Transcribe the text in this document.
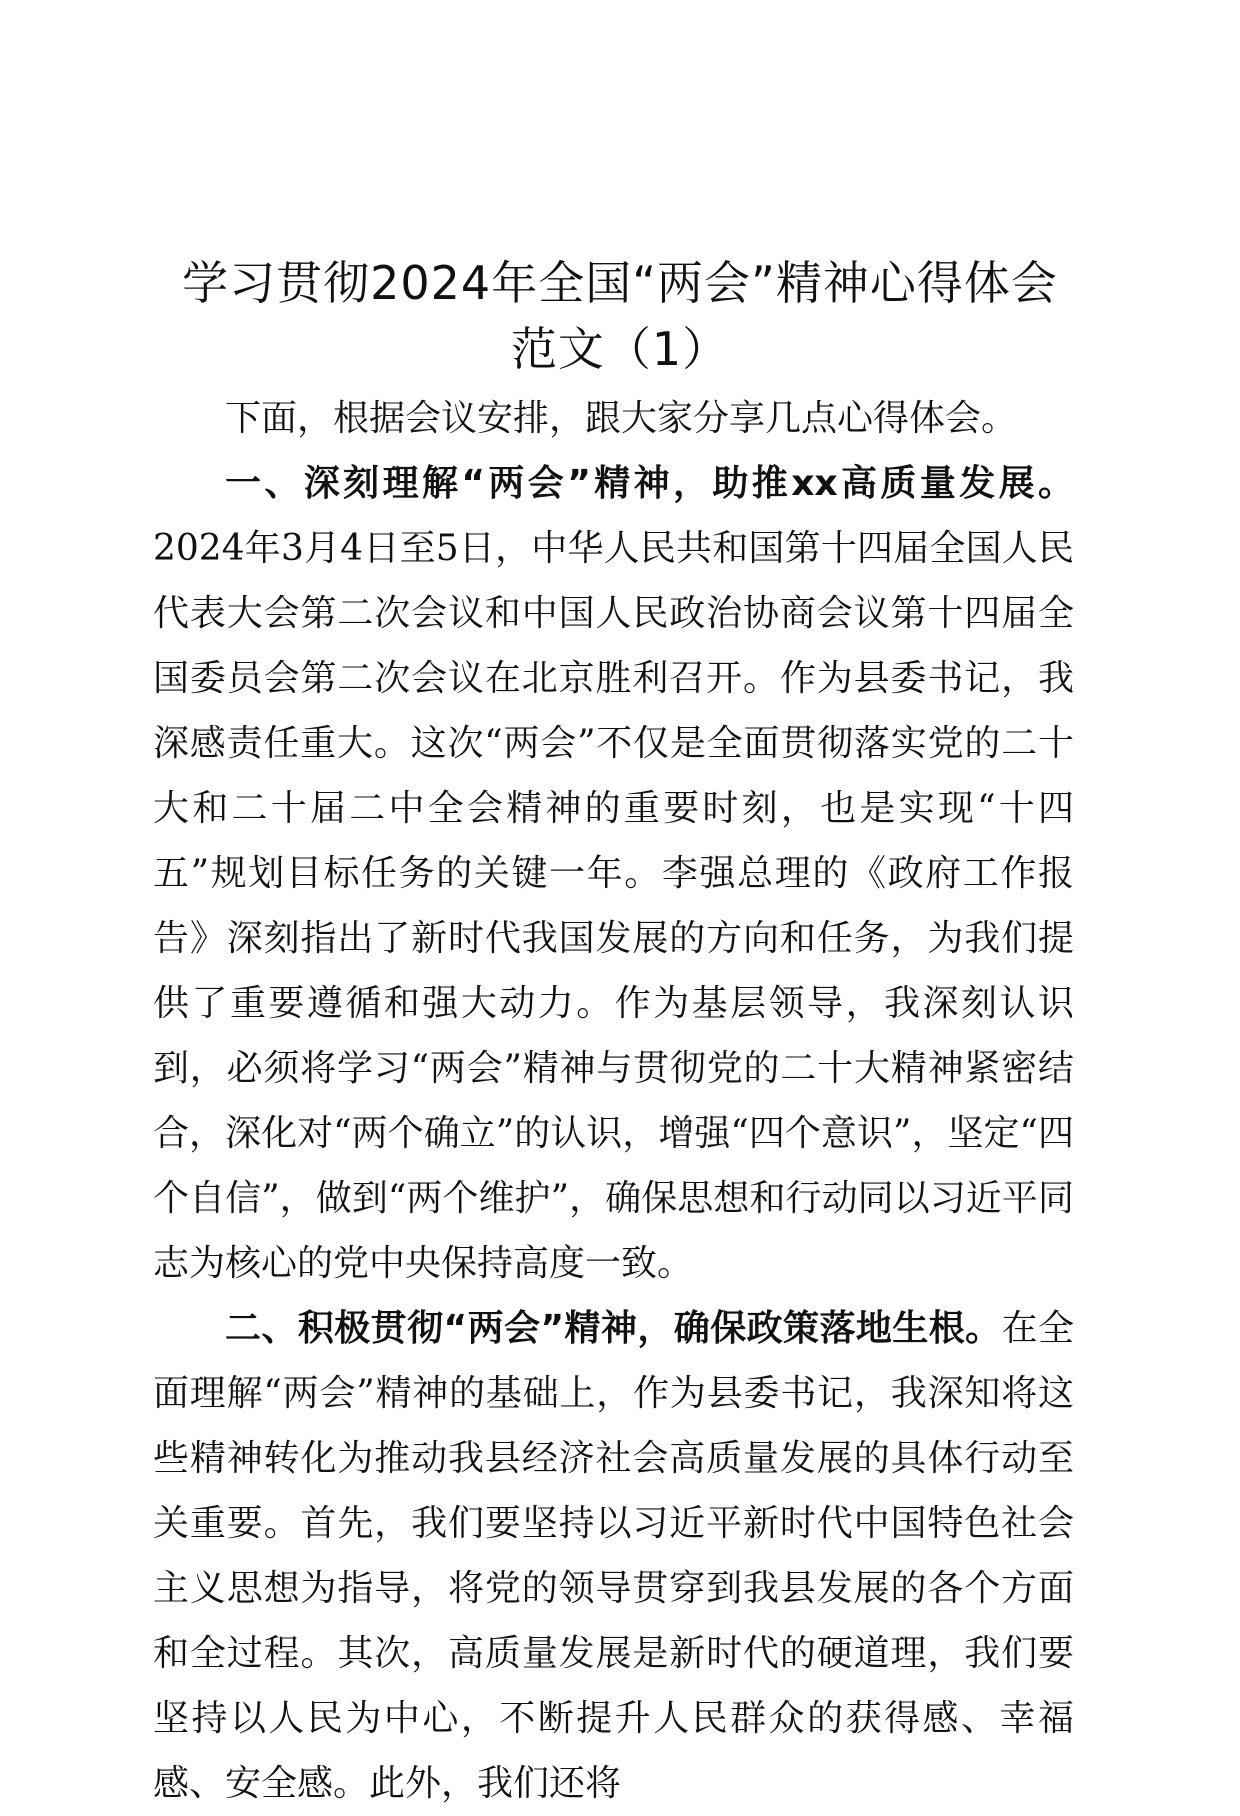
学习贯彻2024年全国“两会”精神心得体会
范文（1）

下面，根据会议安排，跟大家分享几点心得体会。

一、深刻理解“两会”精神，助推xx高质量发展。2024年3月4日至5日，中华人民共和国第十四届全国人民代表大会第二次会议和中国人民政治协商会议第十四届全国委员会第二次会议在北京胜利召开。作为县委书记，我深感责任重大。这次“两会”不仅是全面贯彻落实党的二十大和二十届二中全会精神的重要时刻，也是实现“十四五”规划目标任务的关键一年。李强总理的《政府工作报告》深刻指出了新时代我国发展的方向和任务，为我们提供了重要遵循和强大动力。作为基层领导，我深刻认识到，必须将学习“两会”精神与贯彻党的二十大精神紧密结合，深化对“两个确立”的认识，增强“四个意识”，坚定“四个自信”，做到“两个维护”，确保思想和行动同以习近平同志为核心的党中央保持高度一致。

二、积极贯彻“两会”精神，确保政策落地生根。在全面理解“两会”精神的基础上，作为县委书记，我深知将这些精神转化为推动我县经济社会高质量发展的具体行动至关重要。首先，我们要坚持以习近平新时代中国特色社会主义思想为指导，将党的领导贯穿到我县发展的各个方面和全过程。其次，高质量发展是新时代的硬道理，我们要坚持以人民为中心，不断提升人民群众的获得感、幸福感、安全感。此外，我们还将
